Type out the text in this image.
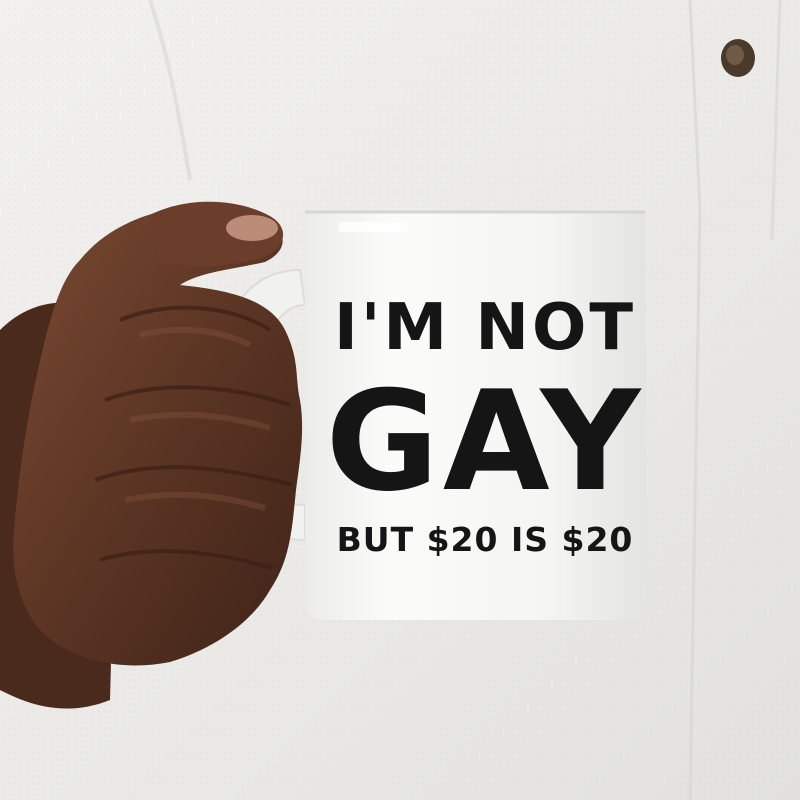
I'M NOT
GAY
BUT $20 IS $20
